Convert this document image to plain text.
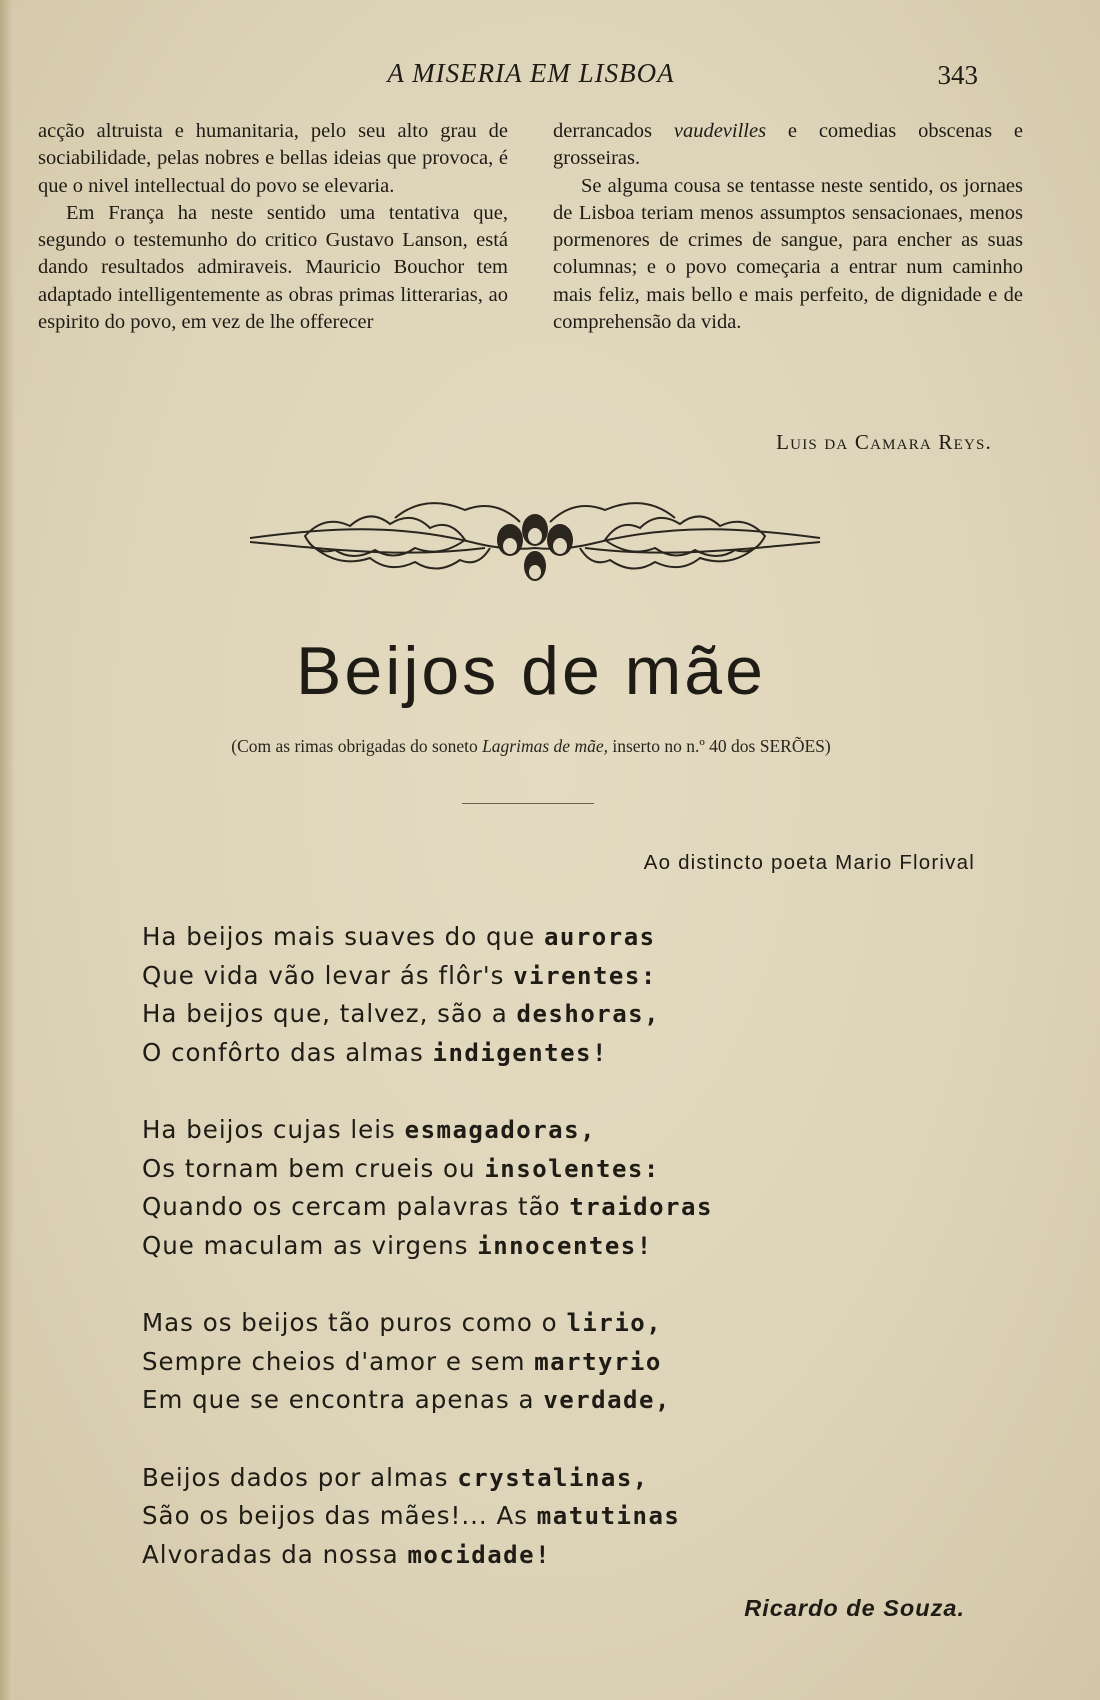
A MISERIA EM LISBOA	343

acção altruista e humanitaria, pelo seu alto grau de sociabilidade, pelas nobres e bellas ideias que provoca, é que o nivel intellectual do povo se elevaria.

Em França ha neste sentido uma tentativa que, segundo o testemunho do critico Gustavo Lanson, está dando resultados admiraveis. Mauricio Bouchor tem adaptado intelligentemente as obras primas litterarias, ao espirito do povo, em vez de lhe offerecer

derrancados vaudevilles e comedias obscenas e grosseiras.

Se alguma cousa se tentasse neste sentido, os jornaes de Lisboa teriam menos assumptos sensacionaes, menos pormenores de crimes de sangue, para encher as suas columnas; e o povo começaria a entrar num caminho mais feliz, mais bello e mais perfeito, de dignidade e de comprehensão da vida.

Luis da Camara Reys.
Beijos de mãe
(Com as rimas obrigadas do soneto Lagrimas de mãe, inserto no n.º 40 dos SERÕES)
Ao distincto poeta Mario Florival
Ha beijos mais suaves do que auroras
Que vida vão levar ás flôr's virentes:
Ha beijos que, talvez, são a deshoras,
O confôrto das almas indigentes!
Ha beijos cujas leis esmagadoras,
Os tornam bem crueis ou insolentes:
Quando os cercam palavras tão traidoras
Que maculam as virgens innocentes!
Mas os beijos tão puros como o lirio,
Sempre cheios d'amor e sem martyrio
Em que se encontra apenas a verdade,
Beijos dados por almas crystalinas,
São os beijos das mães!... As matutinas
Alvoradas da nossa mocidade!
Ricardo de Souza.
